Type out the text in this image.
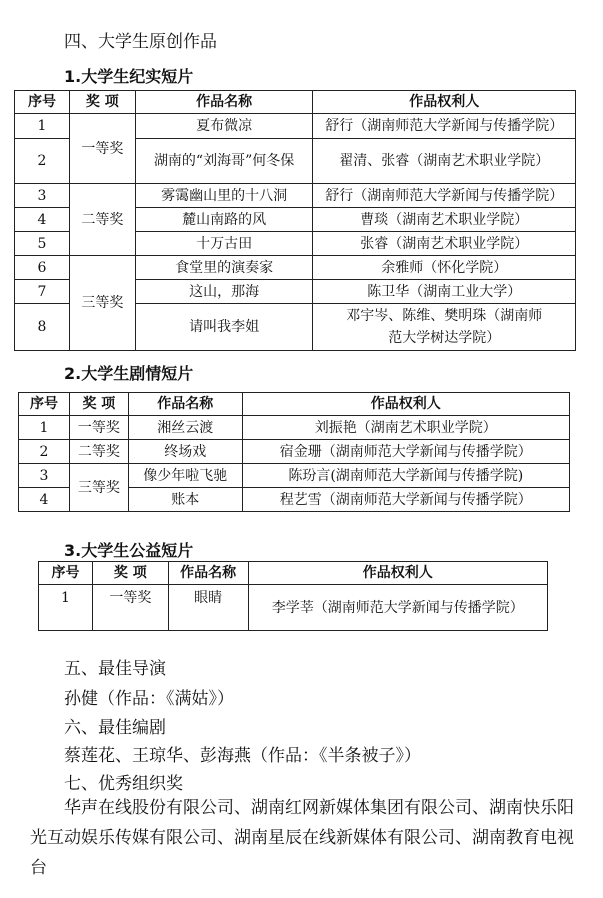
四、大学生原创作品
1.大学生纪实短片
序号	奖 项	作品名称	作品权利人
1	一等奖	夏布微凉	舒行（湖南师范大学新闻与传播学院）
2		湖南的“刘海哥”何冬保	翟清、张睿（湖南艺术职业学院）
3	二等奖	雾霭幽山里的十八洞	舒行（湖南师范大学新闻与传播学院）
4		麓山南路的风	曹琰（湖南艺术职业学院）
5		十万古田	张睿（湖南艺术职业学院）
6	三等奖	食堂里的演奏家	余雅师（怀化学院）
7		这山，那海	陈卫华（湖南工业大学）
8		请叫我李姐	邓宇岑、陈维、樊明珠（湖南师范大学树达学院）
2.大学生剧情短片
序号	奖 项	作品名称	作品权利人
1	一等奖	湘丝云渡	刘振艳（湖南艺术职业学院）
2	二等奖	终场戏	宿金珊（湖南师范大学新闻与传播学院）
3	三等奖	像少年啦飞驰	陈玢言(湖南师范大学新闻与传播学院)
4		账本	程艺雪（湖南师范大学新闻与传播学院）
3.大学生公益短片
序号	奖 项	作品名称	作品权利人
1	一等奖	眼睛	李学莘（湖南师范大学新闻与传播学院）
五、最佳导演
孙健（作品：《满姑》）
六、最佳编剧
蔡莲花、王琼华、彭海燕（作品：《半条被子》）
七、优秀组织奖
华声在线股份有限公司、湖南红网新媒体集团有限公司、湖南快乐阳光互动娱乐传媒有限公司、湖南星辰在线新媒体有限公司、湖南教育电视台
